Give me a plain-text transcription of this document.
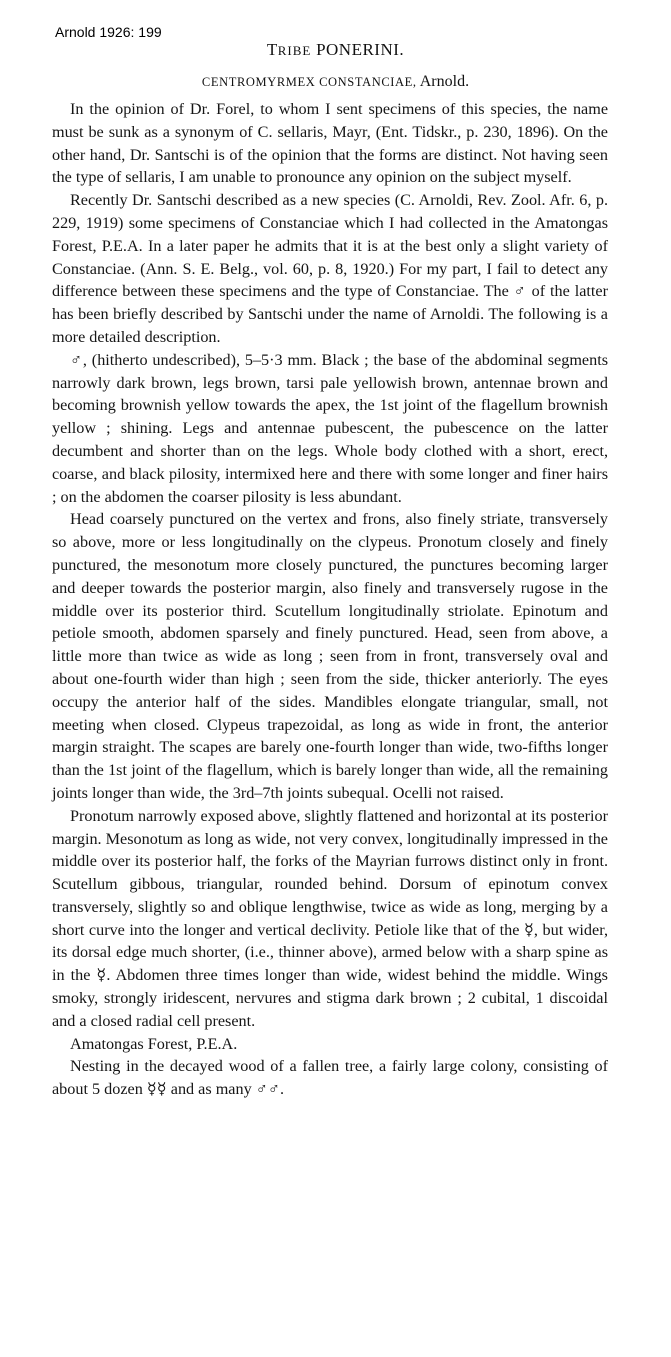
Arnold 1926: 199
TRIBE PONERINI.
CENTROMYRMEX CONSTANCIAE, Arnold.

In the opinion of Dr. Forel, to whom I sent specimens of this species, the name must be sunk as a synonym of C. sellaris, Mayr, (Ent. Tidskr., p. 230, 1896). On the other hand, Dr. Santschi is of the opinion that the forms are distinct. Not having seen the type of sellaris, I am unable to pronounce any opinion on the subject myself.

Recently Dr. Santschi described as a new species (C. Arnoldi, Rev. Zool. Afr. 6, p. 229, 1919) some specimens of Constanciae which I had collected in the Amatongas Forest, P.E.A. In a later paper he admits that it is at the best only a slight variety of Constanciae. (Ann. S. E. Belg., vol. 60, p. 8, 1920.) For my part, I fail to detect any difference between these specimens and the type of Constanciae. The ♂ of the latter has been briefly described by Santschi under the name of Arnoldi. The following is a more detailed description.

♂, (hitherto undescribed), 5–5·3 mm. Black ; the base of the abdominal segments narrowly dark brown, legs brown, tarsi pale yellowish brown, antennae brown and becoming brownish yellow towards the apex, the 1st joint of the flagellum brownish yellow ; shining. Legs and antennae pubescent, the pubescence on the latter decumbent and shorter than on the legs. Whole body clothed with a short, erect, coarse, and black pilosity, intermixed here and there with some longer and finer hairs ; on the abdomen the coarser pilosity is less abundant.

Head coarsely punctured on the vertex and frons, also finely striate, transversely so above, more or less longitudinally on the clypeus. Pronotum closely and finely punctured, the mesonotum more closely punctured, the punctures becoming larger and deeper towards the posterior margin, also finely and transversely rugose in the middle over its posterior third. Scutellum longitudinally striolate. Epinotum and petiole smooth, abdomen sparsely and finely punctured. Head, seen from above, a little more than twice as wide as long ; seen from in front, transversely oval and about one-fourth wider than high ; seen from the side, thicker anteriorly. The eyes occupy the anterior half of the sides. Mandibles elongate triangular, small, not meeting when closed. Clypeus trapezoidal, as long as wide in front, the anterior margin straight. The scapes are barely one-fourth longer than wide, two-fifths longer than the 1st joint of the flagellum, which is barely longer than wide, all the remaining joints longer than wide, the 3rd–7th joints subequal. Ocelli not raised.

Pronotum narrowly exposed above, slightly flattened and horizontal at its posterior margin. Mesonotum as long as wide, not very convex, longitudinally impressed in the middle over its posterior half, the forks of the Mayrian furrows distinct only in front. Scutellum gibbous, triangular, rounded behind. Dorsum of epinotum convex transversely, slightly so and oblique lengthwise, twice as wide as long, merging by a short curve into the longer and vertical declivity. Petiole like that of the ☿, but wider, its dorsal edge much shorter, (i.e., thinner above), armed below with a sharp spine as in the ☿. Abdomen three times longer than wide, widest behind the middle. Wings smoky, strongly iridescent, nervures and stigma dark brown ; 2 cubital, 1 discoidal and a closed radial cell present.

Amatongas Forest, P.E.A.

Nesting in the decayed wood of a fallen tree, a fairly large colony, consisting of about 5 dozen ☿☿ and as many ♂♂.
